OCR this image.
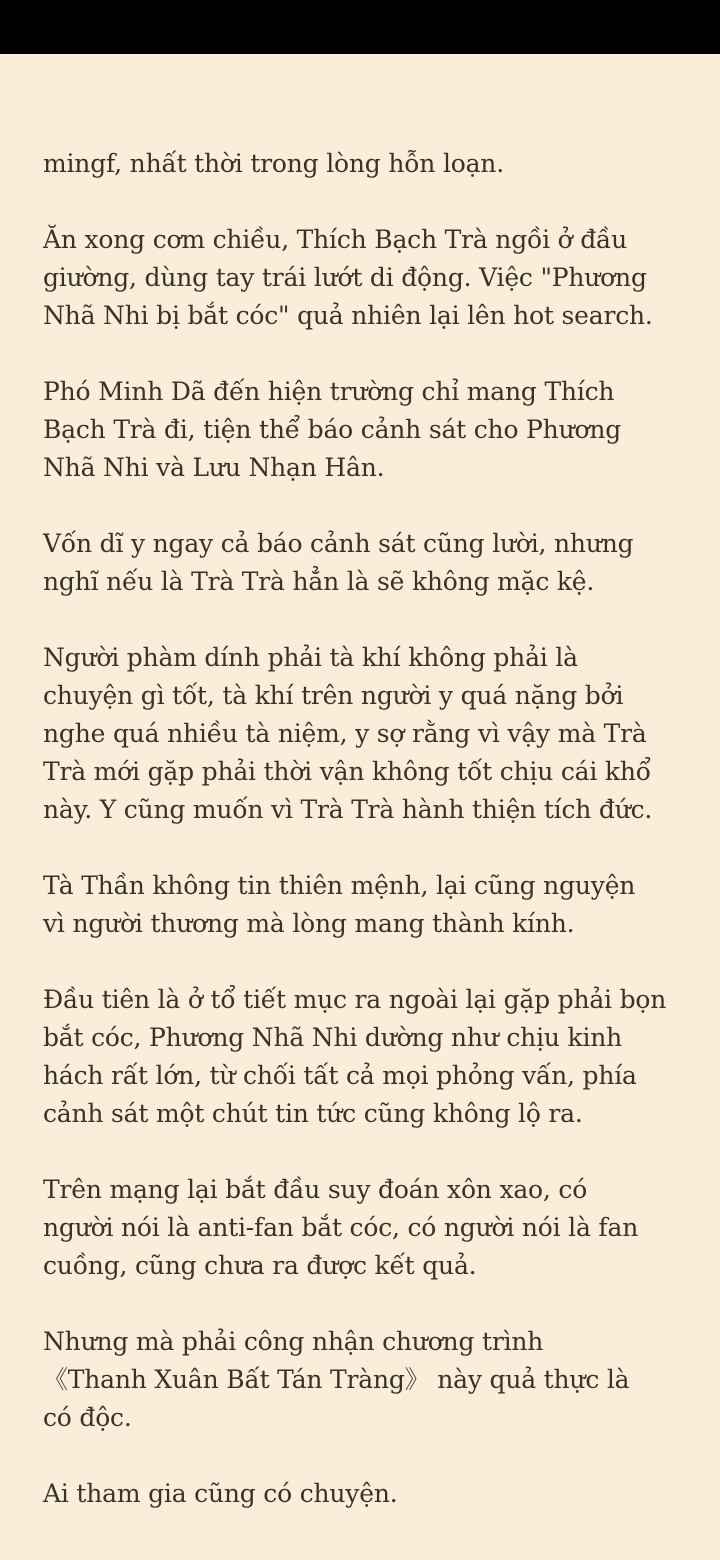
mingf, nhất thời trong lòng hỗn loạn.

Ăn xong cơm chiều, Thích Bạch Trà ngồi ở đầu
giường, dùng tay trái lướt di động. Việc "Phương
Nhã Nhi bị bắt cóc" quả nhiên lại lên hot search.

Phó Minh Dã đến hiện trường chỉ mang Thích
Bạch Trà đi, tiện thể báo cảnh sát cho Phương
Nhã Nhi và Lưu Nhạn Hân.

Vốn dĩ y ngay cả báo cảnh sát cũng lười, nhưng
nghĩ nếu là Trà Trà hẳn là sẽ không mặc kệ.

Người phàm dính phải tà khí không phải là
chuyện gì tốt, tà khí trên người y quá nặng bởi
nghe quá nhiều tà niệm, y sợ rằng vì vậy mà Trà
Trà mới gặp phải thời vận không tốt chịu cái khổ
này. Y cũng muốn vì Trà Trà hành thiện tích đức.

Tà Thần không tin thiên mệnh, lại cũng nguyện
vì người thương mà lòng mang thành kính.

Đầu tiên là ở tổ tiết mục ra ngoài lại gặp phải bọn
bắt cóc, Phương Nhã Nhi dường như chịu kinh
hách rất lớn, từ chối tất cả mọi phỏng vấn, phía
cảnh sát một chút tin tức cũng không lộ ra.

Trên mạng lại bắt đầu suy đoán xôn xao, có
người nói là anti-fan bắt cóc, có người nói là fan
cuồng, cũng chưa ra được kết quả.

Nhưng mà phải công nhận chương trình
《Thanh Xuân Bất Tán Tràng》 này quả thực là
có độc.

Ai tham gia cũng có chuyện.
